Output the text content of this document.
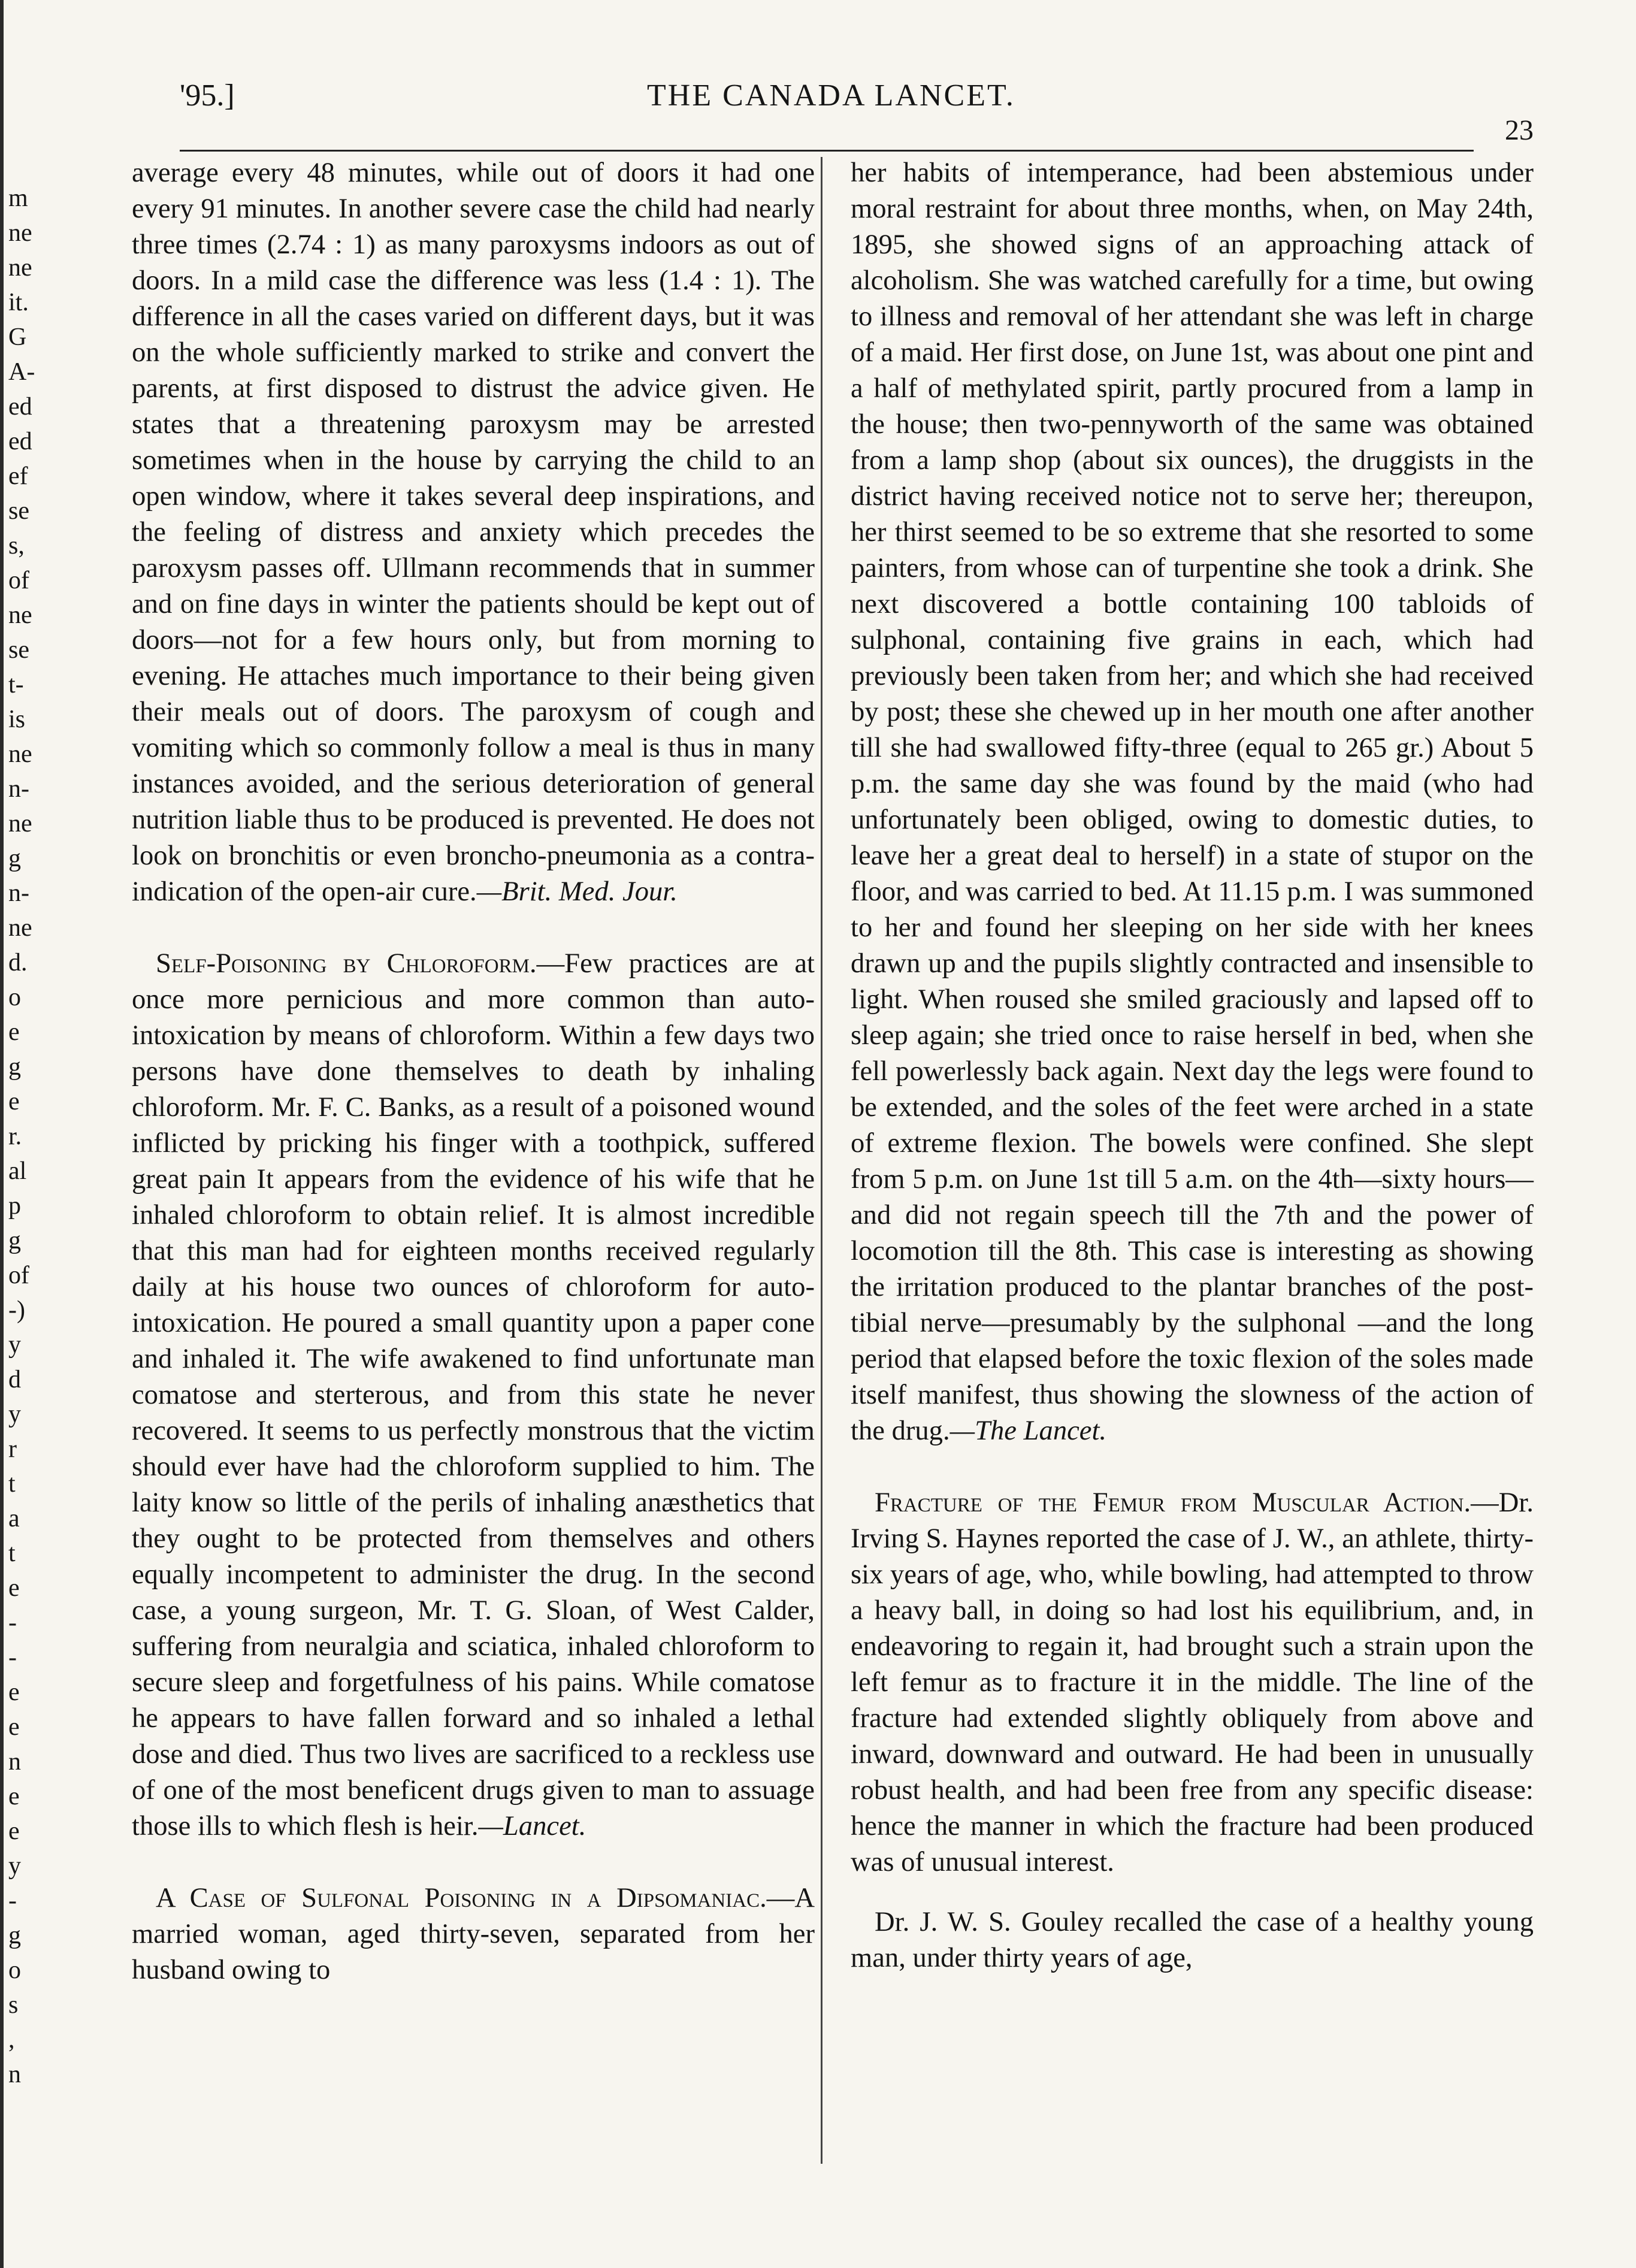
m
ne
ne
it.
G
A-
ed
ed
ef
se
s,
of
ne
se
t-
is
ne
n-
ne
g
n-
ne
d.
o
e
g
e
r.
al
p
g
of
-)
y
d
y
r
t
a
t
e
-
-
e
e
n
e
e
y
-
g
o
s
,
n
'95.]	THE CANADA LANCET.
23

average every 48 minutes, while out of doors it had one every 91 minutes. In another severe case the child had nearly three times (2.74 : 1) as many paroxysms indoors as out of doors. In a mild case the difference was less (1.4 : 1). The difference in all the cases varied on different days, but it was on the whole sufficiently marked to strike and convert the parents, at first disposed to distrust the advice given. He states that a threatening paroxysm may be arrested sometimes when in the house by carrying the child to an open window, where it takes several deep inspirations, and the feeling of distress and anxiety which precedes the paroxysm passes off. Ullmann recommends that in summer and on fine days in winter the patients should be kept out of doors—not for a few hours only, but from morning to evening. He attaches much importance to their being given their meals out of doors. The paroxysm of cough and vomiting which so commonly follow a meal is thus in many instances avoided, and the serious deterioration of general nutrition liable thus to be produced is prevented. He does not look on bronchitis or even broncho-pneumonia as a contra-indication of the open-air cure.—Brit. Med. Jour.

Self-Poisoning by Chloroform.—Few practices are at once more pernicious and more common than auto-intoxication by means of chloroform. Within a few days two persons have done themselves to death by inhaling chloroform. Mr. F. C. Banks, as a result of a poisoned wound inflicted by pricking his finger with a toothpick, suffered great pain It appears from the evidence of his wife that he inhaled chloroform to obtain relief. It is almost incredible that this man had for eighteen months received regularly daily at his house two ounces of chloroform for auto-intoxication. He poured a small quantity upon a paper cone and inhaled it. The wife awakened to find unfortunate man comatose and sterterous, and from this state he never recovered. It seems to us perfectly monstrous that the victim should ever have had the chloroform supplied to him. The laity know so little of the perils of inhaling anæsthetics that they ought to be protected from themselves and others equally incompetent to administer the drug. In the second case, a young surgeon, Mr. T. G. Sloan, of West Calder, suffering from neuralgia and sciatica, inhaled chloroform to secure sleep and forgetfulness of his pains. While comatose he appears to have fallen forward and so inhaled a lethal dose and died. Thus two lives are sacrificed to a reckless use of one of the most beneficent drugs given to man to assuage those ills to which flesh is heir.—Lancet.

A Case of Sulfonal Poisoning in a Dipsomaniac.—A married woman, aged thirty-seven, separated from her husband owing to

her habits of intemperance, had been abstemious under moral restraint for about three months, when, on May 24th, 1895, she showed signs of an approaching attack of alcoholism. She was watched carefully for a time, but owing to illness and removal of her attendant she was left in charge of a maid. Her first dose, on June 1st, was about one pint and a half of methylated spirit, partly procured from a lamp in the house; then two-pennyworth of the same was obtained from a lamp shop (about six ounces), the druggists in the district having received notice not to serve her; thereupon, her thirst seemed to be so extreme that she resorted to some painters, from whose can of turpentine she took a drink. She next discovered a bottle containing 100 tabloids of sulphonal, containing five grains in each, which had previously been taken from her; and which she had received by post; these she chewed up in her mouth one after another till she had swallowed fifty-three (equal to 265 gr.) About 5 p.m. the same day she was found by the maid (who had unfortunately been obliged, owing to domestic duties, to leave her a great deal to herself) in a state of stupor on the floor, and was carried to bed. At 11.15 p.m. I was summoned to her and found her sleeping on her side with her knees drawn up and the pupils slightly contracted and insensible to light. When roused she smiled graciously and lapsed off to sleep again; she tried once to raise herself in bed, when she fell powerlessly back again. Next day the legs were found to be extended, and the soles of the feet were arched in a state of extreme flexion. The bowels were confined. She slept from 5 p.m. on June 1st till 5 a.m. on the 4th—sixty hours—and did not regain speech till the 7th and the power of locomotion till the 8th. This case is interesting as showing the irritation produced to the plantar branches of the post-tibial nerve—presumably by the sulphonal —and the long period that elapsed before the toxic flexion of the soles made itself manifest, thus showing the slowness of the action of the drug.—The Lancet.

Fracture of the Femur from Muscular Action.—Dr. Irving S. Haynes reported the case of J. W., an athlete, thirty-six years of age, who, while bowling, had attempted to throw a heavy ball, in doing so had lost his equilibrium, and, in endeavoring to regain it, had brought such a strain upon the left femur as to fracture it in the middle. The line of the fracture had extended slightly obliquely from above and inward, downward and outward. He had been in unusually robust health, and had been free from any specific disease: hence the manner in which the fracture had been produced was of unusual interest.

Dr. J. W. S. Gouley recalled the case of a healthy young man, under thirty years of age,
